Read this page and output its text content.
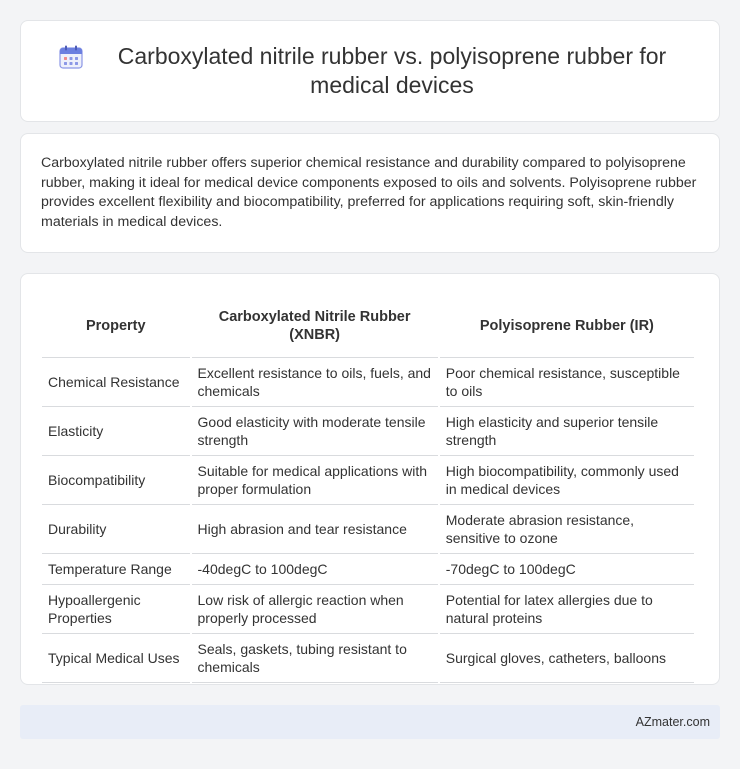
Carboxylated nitrile rubber vs. polyisoprene rubber for medical devices

Carboxylated nitrile rubber offers superior chemical resistance and durability compared to polyisoprene rubber, making it ideal for medical device components exposed to oils and solvents. Polyisoprene rubber provides excellent flexibility and biocompatibility, preferred for applications requiring soft, skin-friendly materials in medical devices.

Property	Carboxylated Nitrile Rubber (XNBR)	Polyisoprene Rubber (IR)
Chemical Resistance	Excellent resistance to oils, fuels, and chemicals	Poor chemical resistance, susceptible to oils
Elasticity	Good elasticity with moderate tensile strength	High elasticity and superior tensile strength
Biocompatibility	Suitable for medical applications with proper formulation	High biocompatibility, commonly used in medical devices
Durability	High abrasion and tear resistance	Moderate abrasion resistance, sensitive to ozone
Temperature Range	-40degC to 100degC	-70degC to 100degC
Hypoallergenic Properties	Low risk of allergic reaction when properly processed	Potential for latex allergies due to natural proteins
Typical Medical Uses	Seals, gaskets, tubing resistant to chemicals	Surgical gloves, catheters, balloons
AZmater.com
